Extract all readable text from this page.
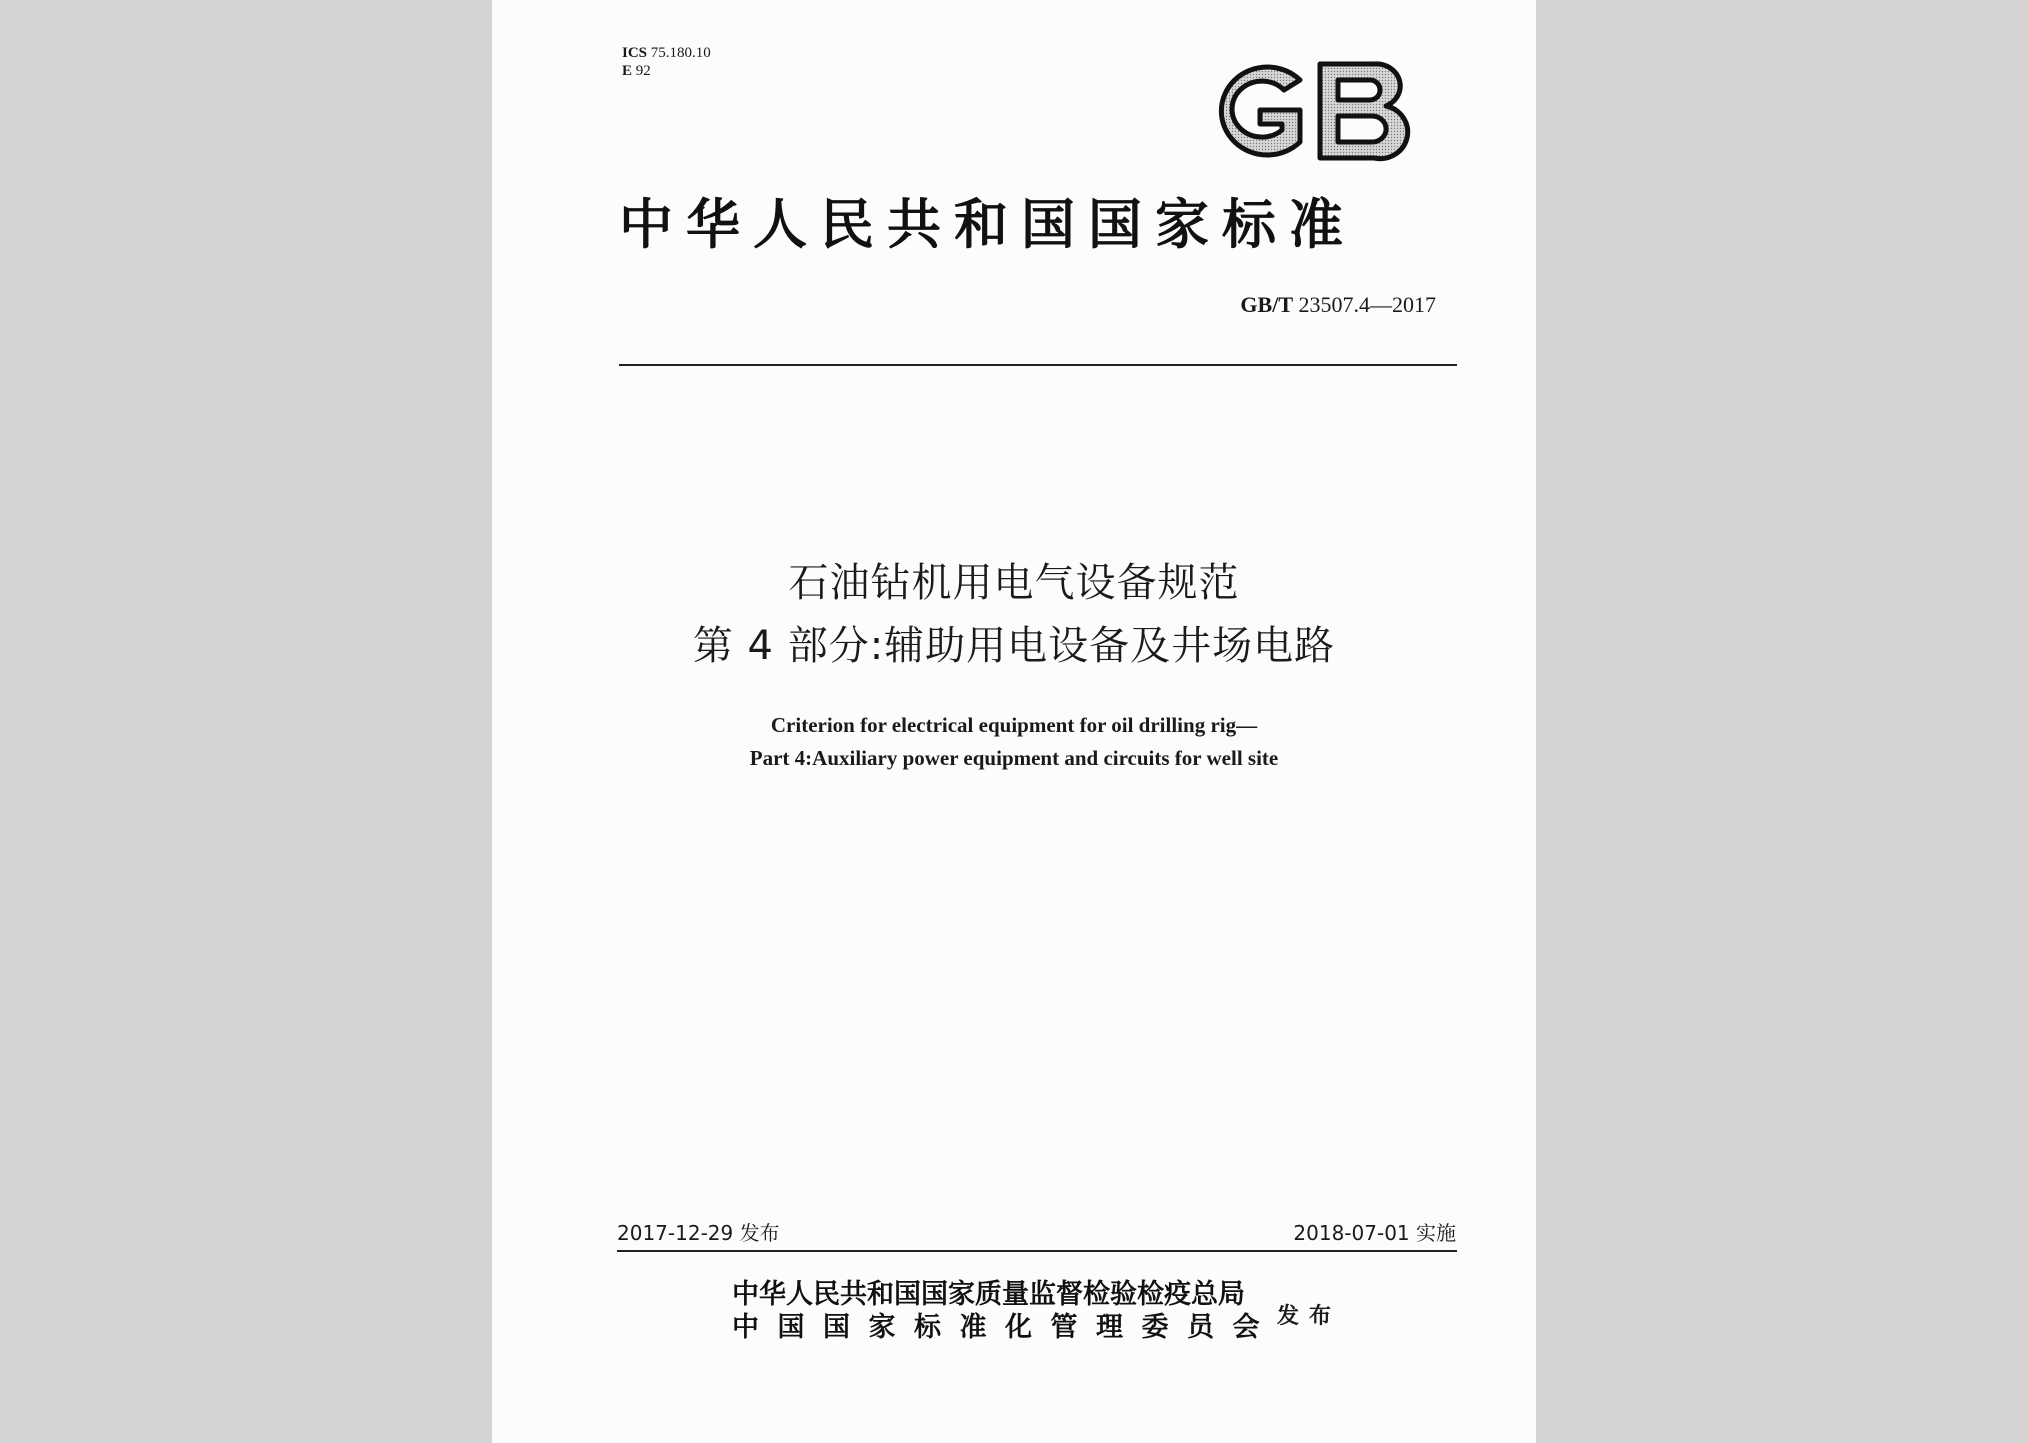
ICS 75.180.10
E 92
中华人民共和国国家标准
GB/T 23507.4—2017
石油钻机用电气设备规范
第 4 部分:辅助用电设备及井场电路
Criterion for electrical equipment for oil drilling rig—
Part 4:Auxiliary power equipment and circuits for well site
2017-12-29 发布	2018-07-01 实施
中华人民共和国国家质量监督检验检疫总局
中国国家标准化管理委员会 发布
